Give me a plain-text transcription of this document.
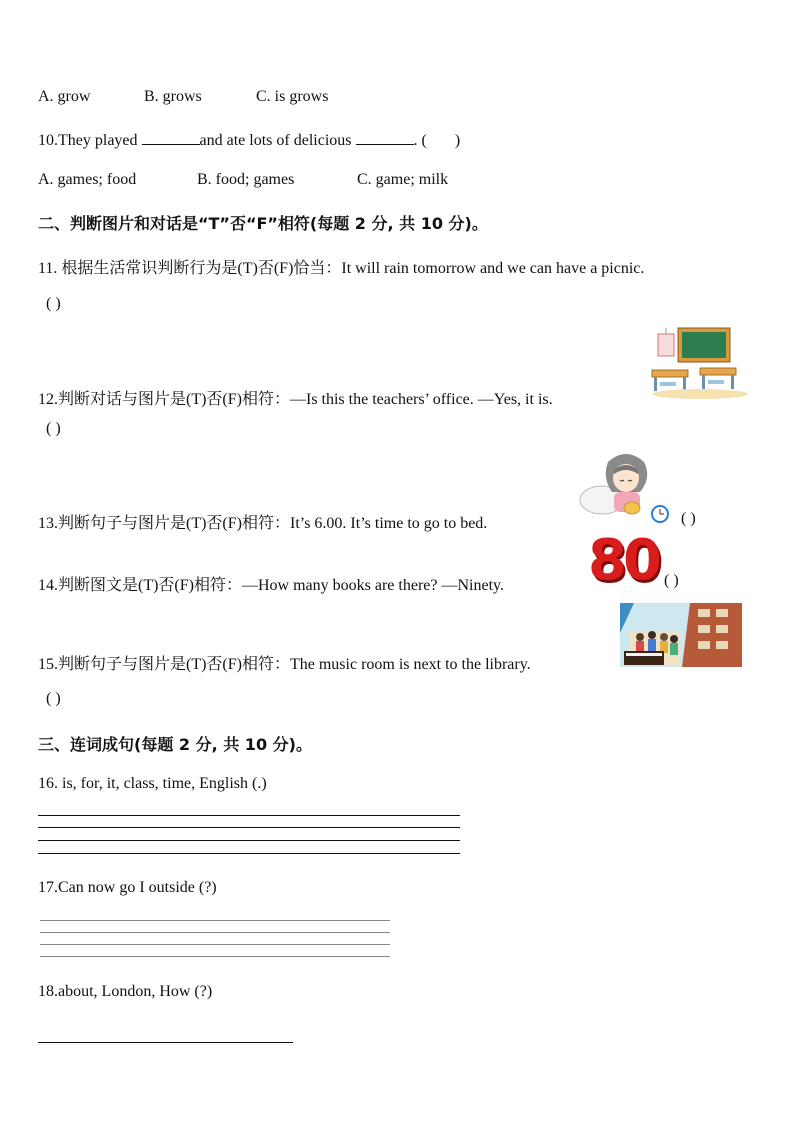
A. grow	B. grows	C. is grows
10.They played	and ate lots of delicious	. ( )
A. games; food	B. food; games	C. game; milk
二、判断图片和对话是“T”否“F”相符(每题 2 分, 共 10 分)。
11. 根据生活常识判断行为是(T)否(F)恰当：It will rain tomorrow and we can have a picnic.
( )
12.判断对话与图片是(T)否(F)相符：—Is this the teachers’ office. —Yes, it is.
( )
13.判断句子与图片是(T)否(F)相符：It’s 6.00. It’s time to go to bed.	( )
80
14.判断图文是(T)否(F)相符：—How many books are there? —Ninety.	( )
15.判断句子与图片是(T)否(F)相符：The music room is next to the library.
( )
三、连词成句(每题 2 分, 共 10 分)。
16. is, for, it, class, time, English (.)
17.Can now go I outside (?)
18.about, London, How (?)
